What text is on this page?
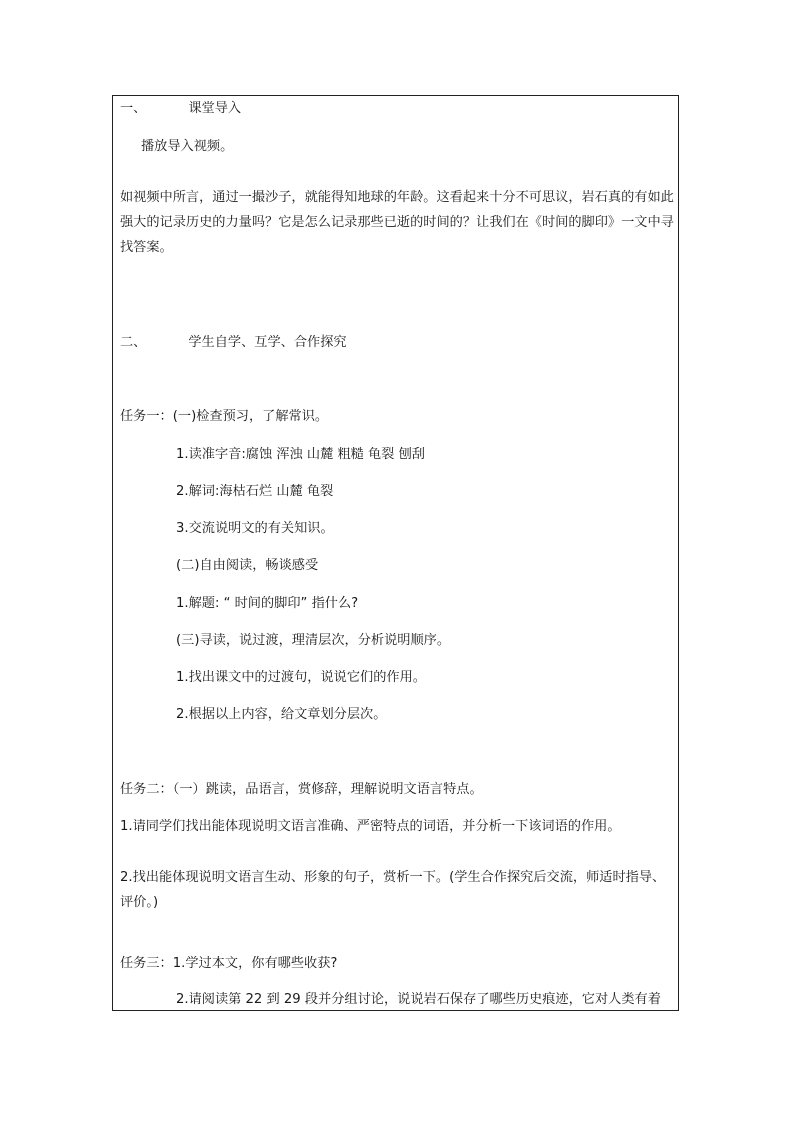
一、	课堂导入

播放导入视频。

如视频中所言，通过一撮沙子，就能得知地球的年龄。这看起来十分不可思议，岩石真的有如此强大的记录历史的力量吗？它是怎么记录那些已逝的时间的？让我们在《时间的脚印》一文中寻找答案。

二、	学生自学、互学、合作探究

任务一：(一)检查预习，了解常识。

1.读准字音:腐蚀 浑浊 山麓 粗糙 龟裂 刨刮

2.解词:海枯石烂 山麓 龟裂

3.交流说明文的有关知识。

(二)自由阅读，畅谈感受

1.解题: “ 时间的脚印” 指什么?

(三)寻读，说过渡，理清层次，分析说明顺序。

1.找出课文中的过渡句，说说它们的作用。

2.根据以上内容，给文章划分层次。

任务二：（一）跳读，品语言，赏修辞，理解说明文语言特点。

1.请同学们找出能体现说明文语言准确、严密特点的词语，并分析一下该词语的作用。

2.找出能体现说明文语言生动、形象的句子，赏析一下。(学生合作探究后交流，师适时指导、评价。)

任务三：1.学过本文，你有哪些收获?

2.请阅读第 22 到 29 段并分组讨论，说说岩石保存了哪些历史痕迹，它对人类有着
